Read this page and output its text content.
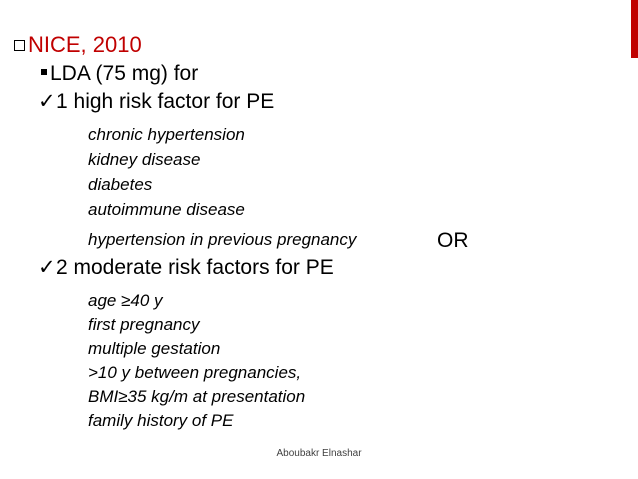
NICE, 2010
LDA (75 mg) for
✓1 high risk factor for PE
chronic hypertension
kidney disease
diabetes
autoimmune disease
hypertension in previous pregnancy	OR
✓2 moderate risk factors for PE
age ≥40 y
first pregnancy
multiple gestation
>10 y between pregnancies,
BMI≥35 kg/m at presentation
family history of PE
Aboubakr Elnashar
